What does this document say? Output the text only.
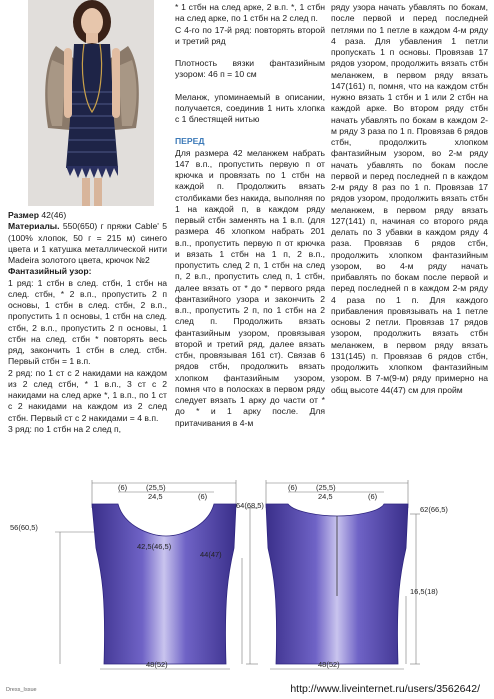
Размер 42(46)

Материалы. 550(650) г пряжи Cable' 5 (100% хлопок, 50 г = 215 м) синего цвета и 1 катушка металлической нити Madeira золотого цвета, крючок №2

Фантазийный узор:

1 ряд: 1 стбн в след. стбн, 1 стбн на след. стбн, * 2 в.п., пропустить 2 п основы, 1 стбн в след. стбн, 2 в.п., пропустить 1 п основы, 1 стбн на след. стбн, 2 в.п., пропустить 2 п основы, 1 стбн на след. стбн * повторять весь ряд, закончить 1 стбн в след. стбн. Первый стбн = 1 в.п.

2 ряд: по 1 ст с 2 накидами на каждом из 2 след стбн, * 1 в.п., 3 ст с 2 накидами на след арке *, 1 в.п., по 1 ст с 2 накидами на каждом из 2 след стбн. Первый ст с 2 накидами = 4 в.п.

3 ряд: по 1 стбн на 2 след п,

* 1 стбн на след арке, 2 в.п. *, 1 стбн на след арке, по 1 стбн на 2 след п.

С 4-го по 17-й ряд: повторять второй и третий ряд

Плотность вязки фантазийным узором: 46 п = 10 см

Меланж, упоминаемый в описании, получается, соединив 1 нить хлопка с 1 блестящей нитью

ПЕРЕД

Для размера 42 меланжем набрать 147 в.п., пропустить первую п от крючка и провязать по 1 стбн на каждой п. Продолжить вязать столбиками без накида, выполняя по 1 на каждой п, в каждом ряду первый стбн заменять на 1 в.п. (для размера 46 хлопком набрать 201 в.п., пропустить первую п от крючка и вязать 1 стбн на 1 п, 2 в.п., пропустить след 2 п, 1 стбн на след п, 2 в.п., пропустить след п, 1 стбн, далее вязать от * до * первого ряда фантазийного узора и закончить 2 в.п., пропустить 2 п, по 1 стбн на 2 след п. Продолжить вязать фантазийным узором, провязывая второй и третий ряд, далее вязать стбн, провязывая 161 ст). Связав 6 рядов стбн, продолжить вязать хлопком фантазийным узором, помня что в полосках в первом ряду следует вязать 1 арку до части от * до * и 1 арку после. Для притачивания в 4-м

ряду узора начать убавлять по бокам, после первой и перед последней петлями по 1 петле в каждом 4-м ряду 4 раза. Для убавления 1 петли пропускать 1 п основы. Провязав 17 рядов узором, продолжить вязать стбн меланжем, в первом ряду вязать 147(161) п, помня, что на каждом стбн нужно вязать 1 стбн и 1 или 2 стбн на каждой арке. Во втором ряду стбн начать убавлять по бокам в каждом 2-м ряду 3 раза по 1 п. Провязав 6 рядов стбн, продолжить хлопком фантазийным узором, во 2-м ряду начать убавлять по бокам после первой и перед последней п в каждом 2-м ряду 8 раз по 1 п. Провязав 17 рядов узором, продолжить вязать стбн меланжем, в первом ряду вязать 127(141) п, начиная со второго ряда делать по 3 убавки в каждом ряду 4 раза. Провязав 6 рядов стбн, продолжить хлопком фантазийным узором, во 4-м ряду начать прибавлять по бокам после первой и перед последней п в каждом 2-м ряду 4 раза по 1 п. Для каждого прибавления провязывать на 1 петле основы 2 петли. Провязав 17 рядов узором, продолжить вязать стбн меланжем, в первом ряду вязать 131(145) п. Провязав 6 рядов стбн, продолжить хлопком фантазийным узором. В 7-м(9-м) ряду примерно на общ высоте 44(47) см для пройм

(6)	(25,5)
24,5	(6)
64(68,5)
56(60,5)
42,5(46,5)
44(47)
48(52)
(6)	(25,5)
24,5	(6)
62(66,5)
16,5(18)
48(52)
Dress_Issue	http://www.liveinternet.ru/users/3562642/
